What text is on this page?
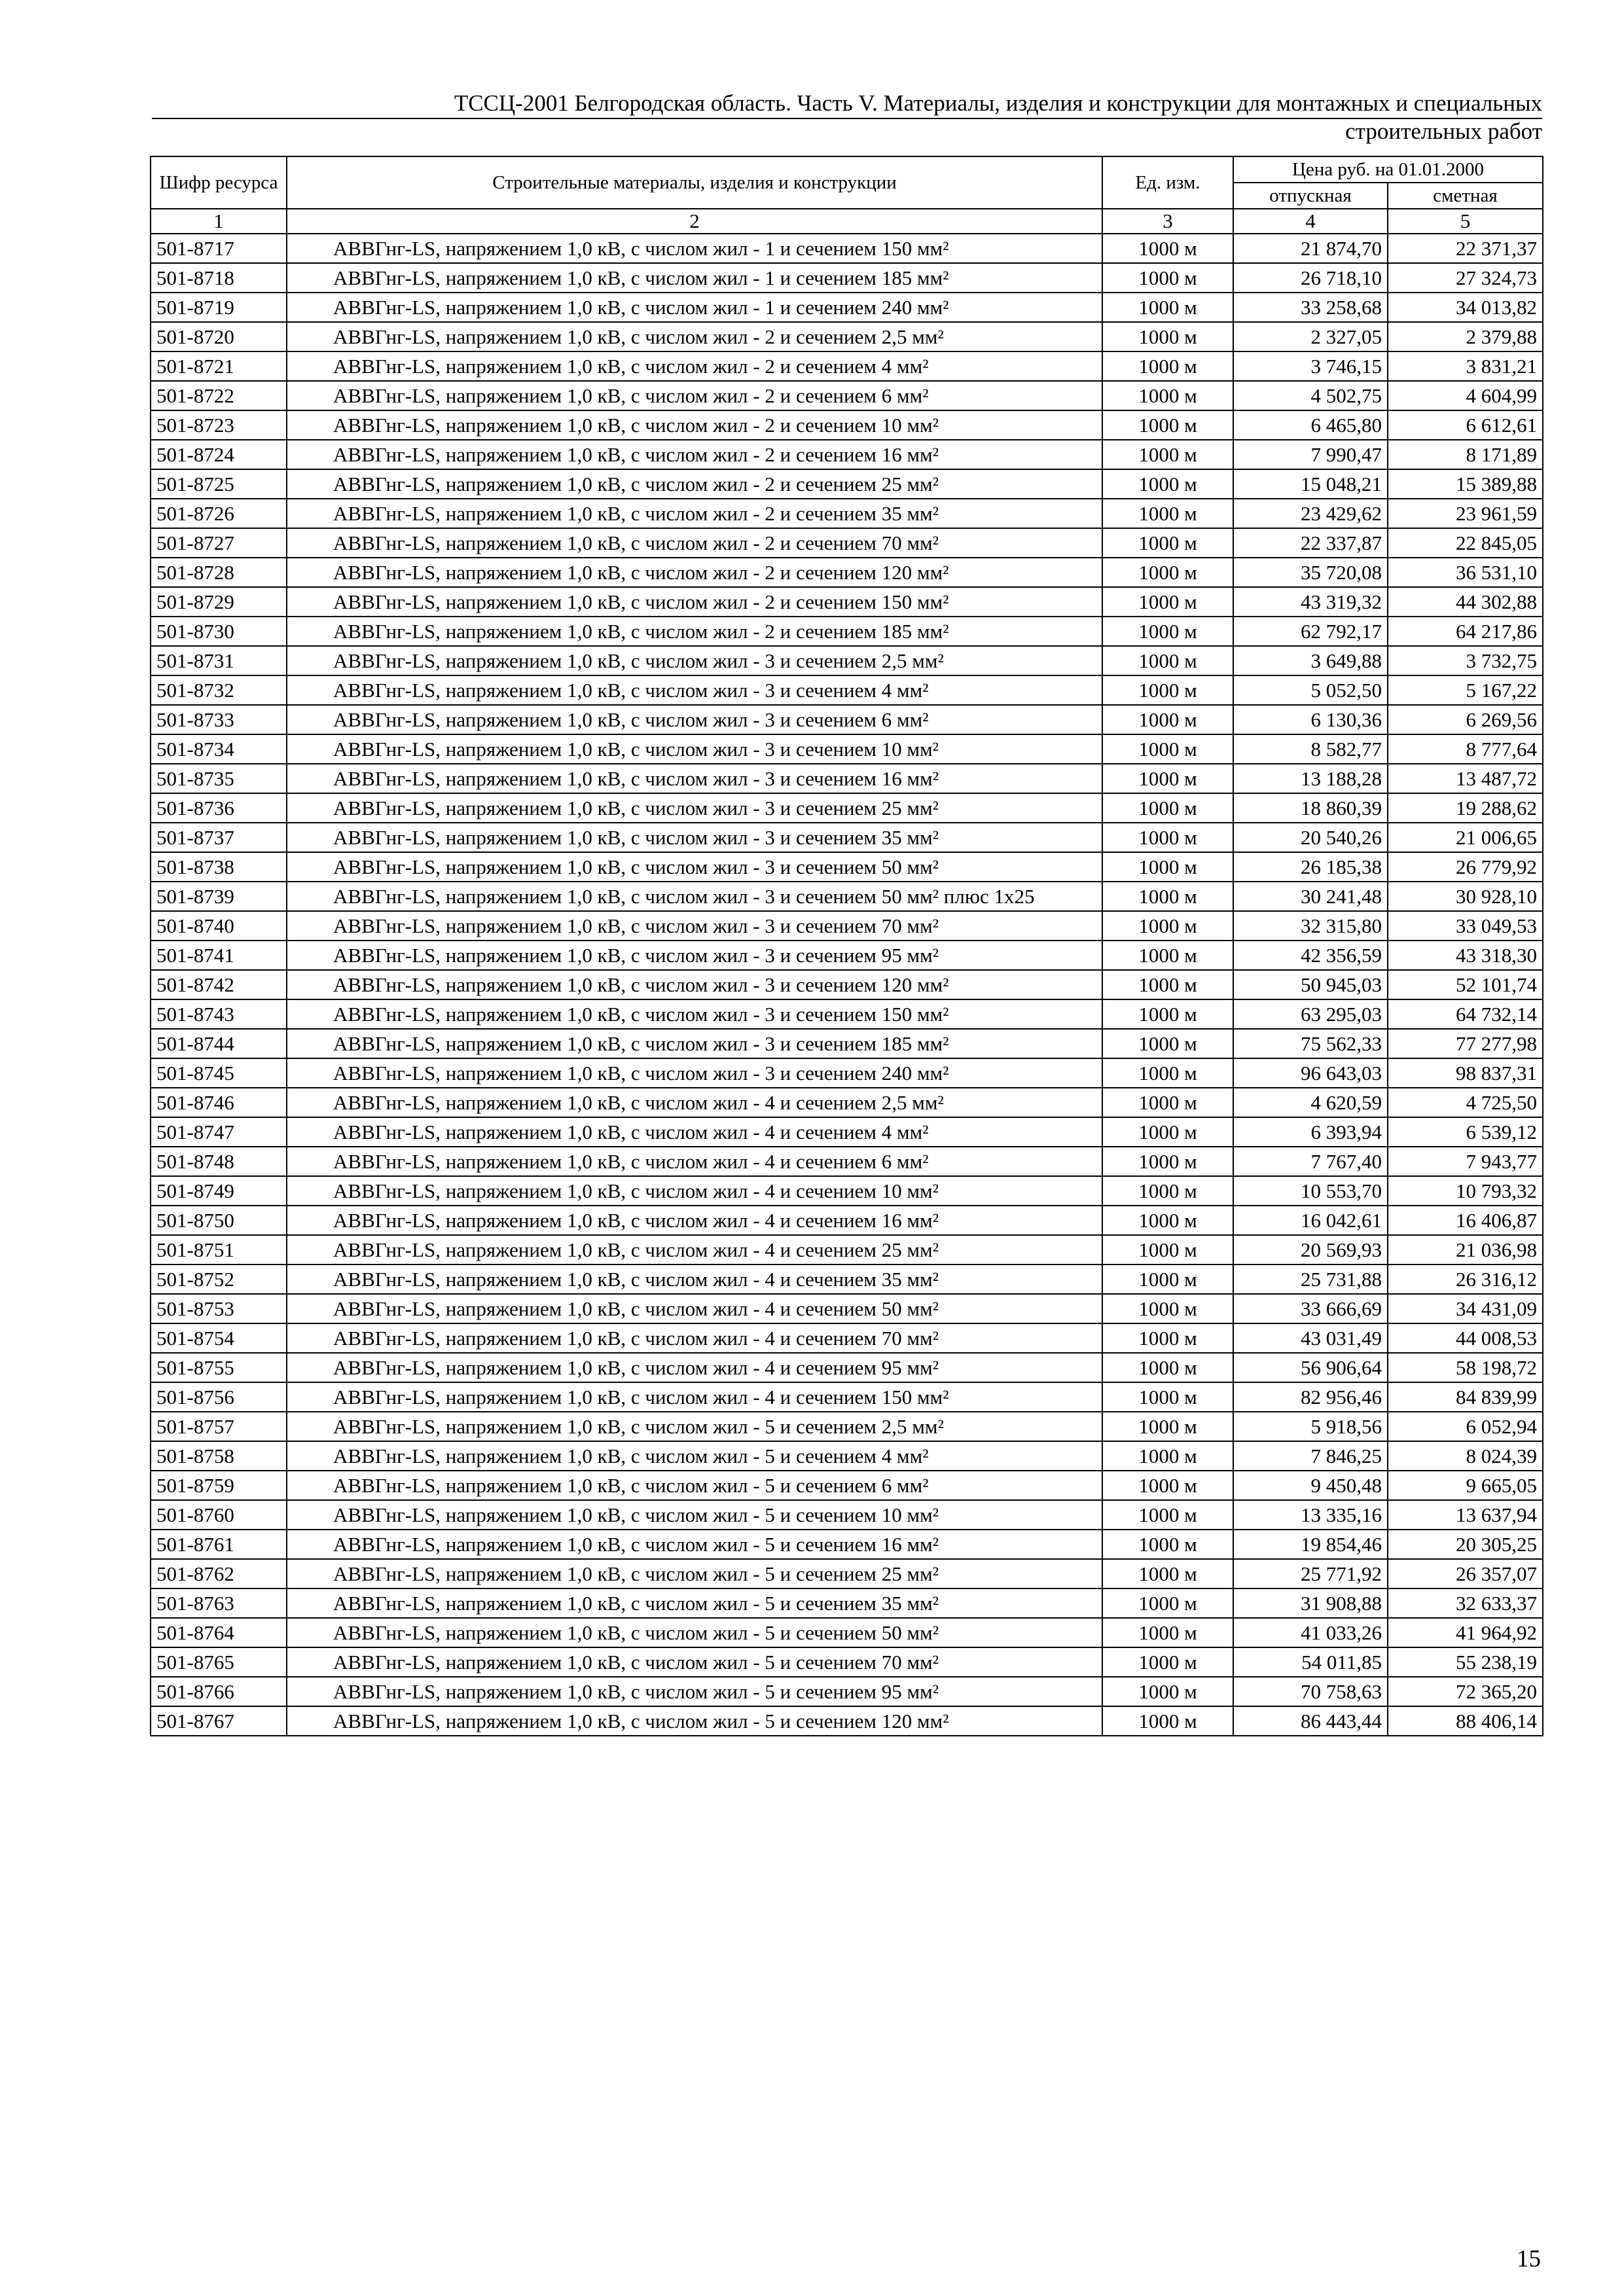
ТССЦ-2001 Белгородская область. Часть V. Материалы, изделия и конструкции для монтажных и специальных
строительных работ
Шифр ресурса	Строительные материалы, изделия и конструкции	Ед. изм.	Цена руб. на 01.01.2000	
			отпускная	сметная
1	2	3	4	5
501-8717	АВВГнг-LS, напряжением 1,0 кВ, с числом жил - 1 и сечением 150 мм²	1000 м	21 874,70	22 371,37
501-8718	АВВГнг-LS, напряжением 1,0 кВ, с числом жил - 1 и сечением 185 мм²	1000 м	26 718,10	27 324,73
501-8719	АВВГнг-LS, напряжением 1,0 кВ, с числом жил - 1 и сечением 240 мм²	1000 м	33 258,68	34 013,82
501-8720	АВВГнг-LS, напряжением 1,0 кВ, с числом жил - 2 и сечением 2,5 мм²	1000 м	2 327,05	2 379,88
501-8721	АВВГнг-LS, напряжением 1,0 кВ, с числом жил - 2 и сечением 4 мм²	1000 м	3 746,15	3 831,21
501-8722	АВВГнг-LS, напряжением 1,0 кВ, с числом жил - 2 и сечением 6 мм²	1000 м	4 502,75	4 604,99
501-8723	АВВГнг-LS, напряжением 1,0 кВ, с числом жил - 2 и сечением 10 мм²	1000 м	6 465,80	6 612,61
501-8724	АВВГнг-LS, напряжением 1,0 кВ, с числом жил - 2 и сечением 16 мм²	1000 м	7 990,47	8 171,89
501-8725	АВВГнг-LS, напряжением 1,0 кВ, с числом жил - 2 и сечением 25 мм²	1000 м	15 048,21	15 389,88
501-8726	АВВГнг-LS, напряжением 1,0 кВ, с числом жил - 2 и сечением 35 мм²	1000 м	23 429,62	23 961,59
501-8727	АВВГнг-LS, напряжением 1,0 кВ, с числом жил - 2 и сечением 70 мм²	1000 м	22 337,87	22 845,05
501-8728	АВВГнг-LS, напряжением 1,0 кВ, с числом жил - 2 и сечением 120 мм²	1000 м	35 720,08	36 531,10
501-8729	АВВГнг-LS, напряжением 1,0 кВ, с числом жил - 2 и сечением 150 мм²	1000 м	43 319,32	44 302,88
501-8730	АВВГнг-LS, напряжением 1,0 кВ, с числом жил - 2 и сечением 185 мм²	1000 м	62 792,17	64 217,86
501-8731	АВВГнг-LS, напряжением 1,0 кВ, с числом жил - 3 и сечением 2,5 мм²	1000 м	3 649,88	3 732,75
501-8732	АВВГнг-LS, напряжением 1,0 кВ, с числом жил - 3 и сечением 4 мм²	1000 м	5 052,50	5 167,22
501-8733	АВВГнг-LS, напряжением 1,0 кВ, с числом жил - 3 и сечением 6 мм²	1000 м	6 130,36	6 269,56
501-8734	АВВГнг-LS, напряжением 1,0 кВ, с числом жил - 3 и сечением 10 мм²	1000 м	8 582,77	8 777,64
501-8735	АВВГнг-LS, напряжением 1,0 кВ, с числом жил - 3 и сечением 16 мм²	1000 м	13 188,28	13 487,72
501-8736	АВВГнг-LS, напряжением 1,0 кВ, с числом жил - 3 и сечением 25 мм²	1000 м	18 860,39	19 288,62
501-8737	АВВГнг-LS, напряжением 1,0 кВ, с числом жил - 3 и сечением 35 мм²	1000 м	20 540,26	21 006,65
501-8738	АВВГнг-LS, напряжением 1,0 кВ, с числом жил - 3 и сечением 50 мм²	1000 м	26 185,38	26 779,92
501-8739	АВВГнг-LS, напряжением 1,0 кВ, с числом жил - 3 и сечением 50 мм² плюс 1х25	1000 м	30 241,48	30 928,10
501-8740	АВВГнг-LS, напряжением 1,0 кВ, с числом жил - 3 и сечением 70 мм²	1000 м	32 315,80	33 049,53
501-8741	АВВГнг-LS, напряжением 1,0 кВ, с числом жил - 3 и сечением 95 мм²	1000 м	42 356,59	43 318,30
501-8742	АВВГнг-LS, напряжением 1,0 кВ, с числом жил - 3 и сечением 120 мм²	1000 м	50 945,03	52 101,74
501-8743	АВВГнг-LS, напряжением 1,0 кВ, с числом жил - 3 и сечением 150 мм²	1000 м	63 295,03	64 732,14
501-8744	АВВГнг-LS, напряжением 1,0 кВ, с числом жил - 3 и сечением 185 мм²	1000 м	75 562,33	77 277,98
501-8745	АВВГнг-LS, напряжением 1,0 кВ, с числом жил - 3 и сечением 240 мм²	1000 м	96 643,03	98 837,31
501-8746	АВВГнг-LS, напряжением 1,0 кВ, с числом жил - 4 и сечением 2,5 мм²	1000 м	4 620,59	4 725,50
501-8747	АВВГнг-LS, напряжением 1,0 кВ, с числом жил - 4 и сечением 4 мм²	1000 м	6 393,94	6 539,12
501-8748	АВВГнг-LS, напряжением 1,0 кВ, с числом жил - 4 и сечением 6 мм²	1000 м	7 767,40	7 943,77
501-8749	АВВГнг-LS, напряжением 1,0 кВ, с числом жил - 4 и сечением 10 мм²	1000 м	10 553,70	10 793,32
501-8750	АВВГнг-LS, напряжением 1,0 кВ, с числом жил - 4 и сечением 16 мм²	1000 м	16 042,61	16 406,87
501-8751	АВВГнг-LS, напряжением 1,0 кВ, с числом жил - 4 и сечением 25 мм²	1000 м	20 569,93	21 036,98
501-8752	АВВГнг-LS, напряжением 1,0 кВ, с числом жил - 4 и сечением 35 мм²	1000 м	25 731,88	26 316,12
501-8753	АВВГнг-LS, напряжением 1,0 кВ, с числом жил - 4 и сечением 50 мм²	1000 м	33 666,69	34 431,09
501-8754	АВВГнг-LS, напряжением 1,0 кВ, с числом жил - 4 и сечением 70 мм²	1000 м	43 031,49	44 008,53
501-8755	АВВГнг-LS, напряжением 1,0 кВ, с числом жил - 4 и сечением 95 мм²	1000 м	56 906,64	58 198,72
501-8756	АВВГнг-LS, напряжением 1,0 кВ, с числом жил - 4 и сечением 150 мм²	1000 м	82 956,46	84 839,99
501-8757	АВВГнг-LS, напряжением 1,0 кВ, с числом жил - 5 и сечением 2,5 мм²	1000 м	5 918,56	6 052,94
501-8758	АВВГнг-LS, напряжением 1,0 кВ, с числом жил - 5 и сечением 4 мм²	1000 м	7 846,25	8 024,39
501-8759	АВВГнг-LS, напряжением 1,0 кВ, с числом жил - 5 и сечением 6 мм²	1000 м	9 450,48	9 665,05
501-8760	АВВГнг-LS, напряжением 1,0 кВ, с числом жил - 5 и сечением 10 мм²	1000 м	13 335,16	13 637,94
501-8761	АВВГнг-LS, напряжением 1,0 кВ, с числом жил - 5 и сечением 16 мм²	1000 м	19 854,46	20 305,25
501-8762	АВВГнг-LS, напряжением 1,0 кВ, с числом жил - 5 и сечением 25 мм²	1000 м	25 771,92	26 357,07
501-8763	АВВГнг-LS, напряжением 1,0 кВ, с числом жил - 5 и сечением 35 мм²	1000 м	31 908,88	32 633,37
501-8764	АВВГнг-LS, напряжением 1,0 кВ, с числом жил - 5 и сечением 50 мм²	1000 м	41 033,26	41 964,92
501-8765	АВВГнг-LS, напряжением 1,0 кВ, с числом жил - 5 и сечением 70 мм²	1000 м	54 011,85	55 238,19
501-8766	АВВГнг-LS, напряжением 1,0 кВ, с числом жил - 5 и сечением 95 мм²	1000 м	70 758,63	72 365,20
501-8767	АВВГнг-LS, напряжением 1,0 кВ, с числом жил - 5 и сечением 120 мм²	1000 м	86 443,44	88 406,14
15
